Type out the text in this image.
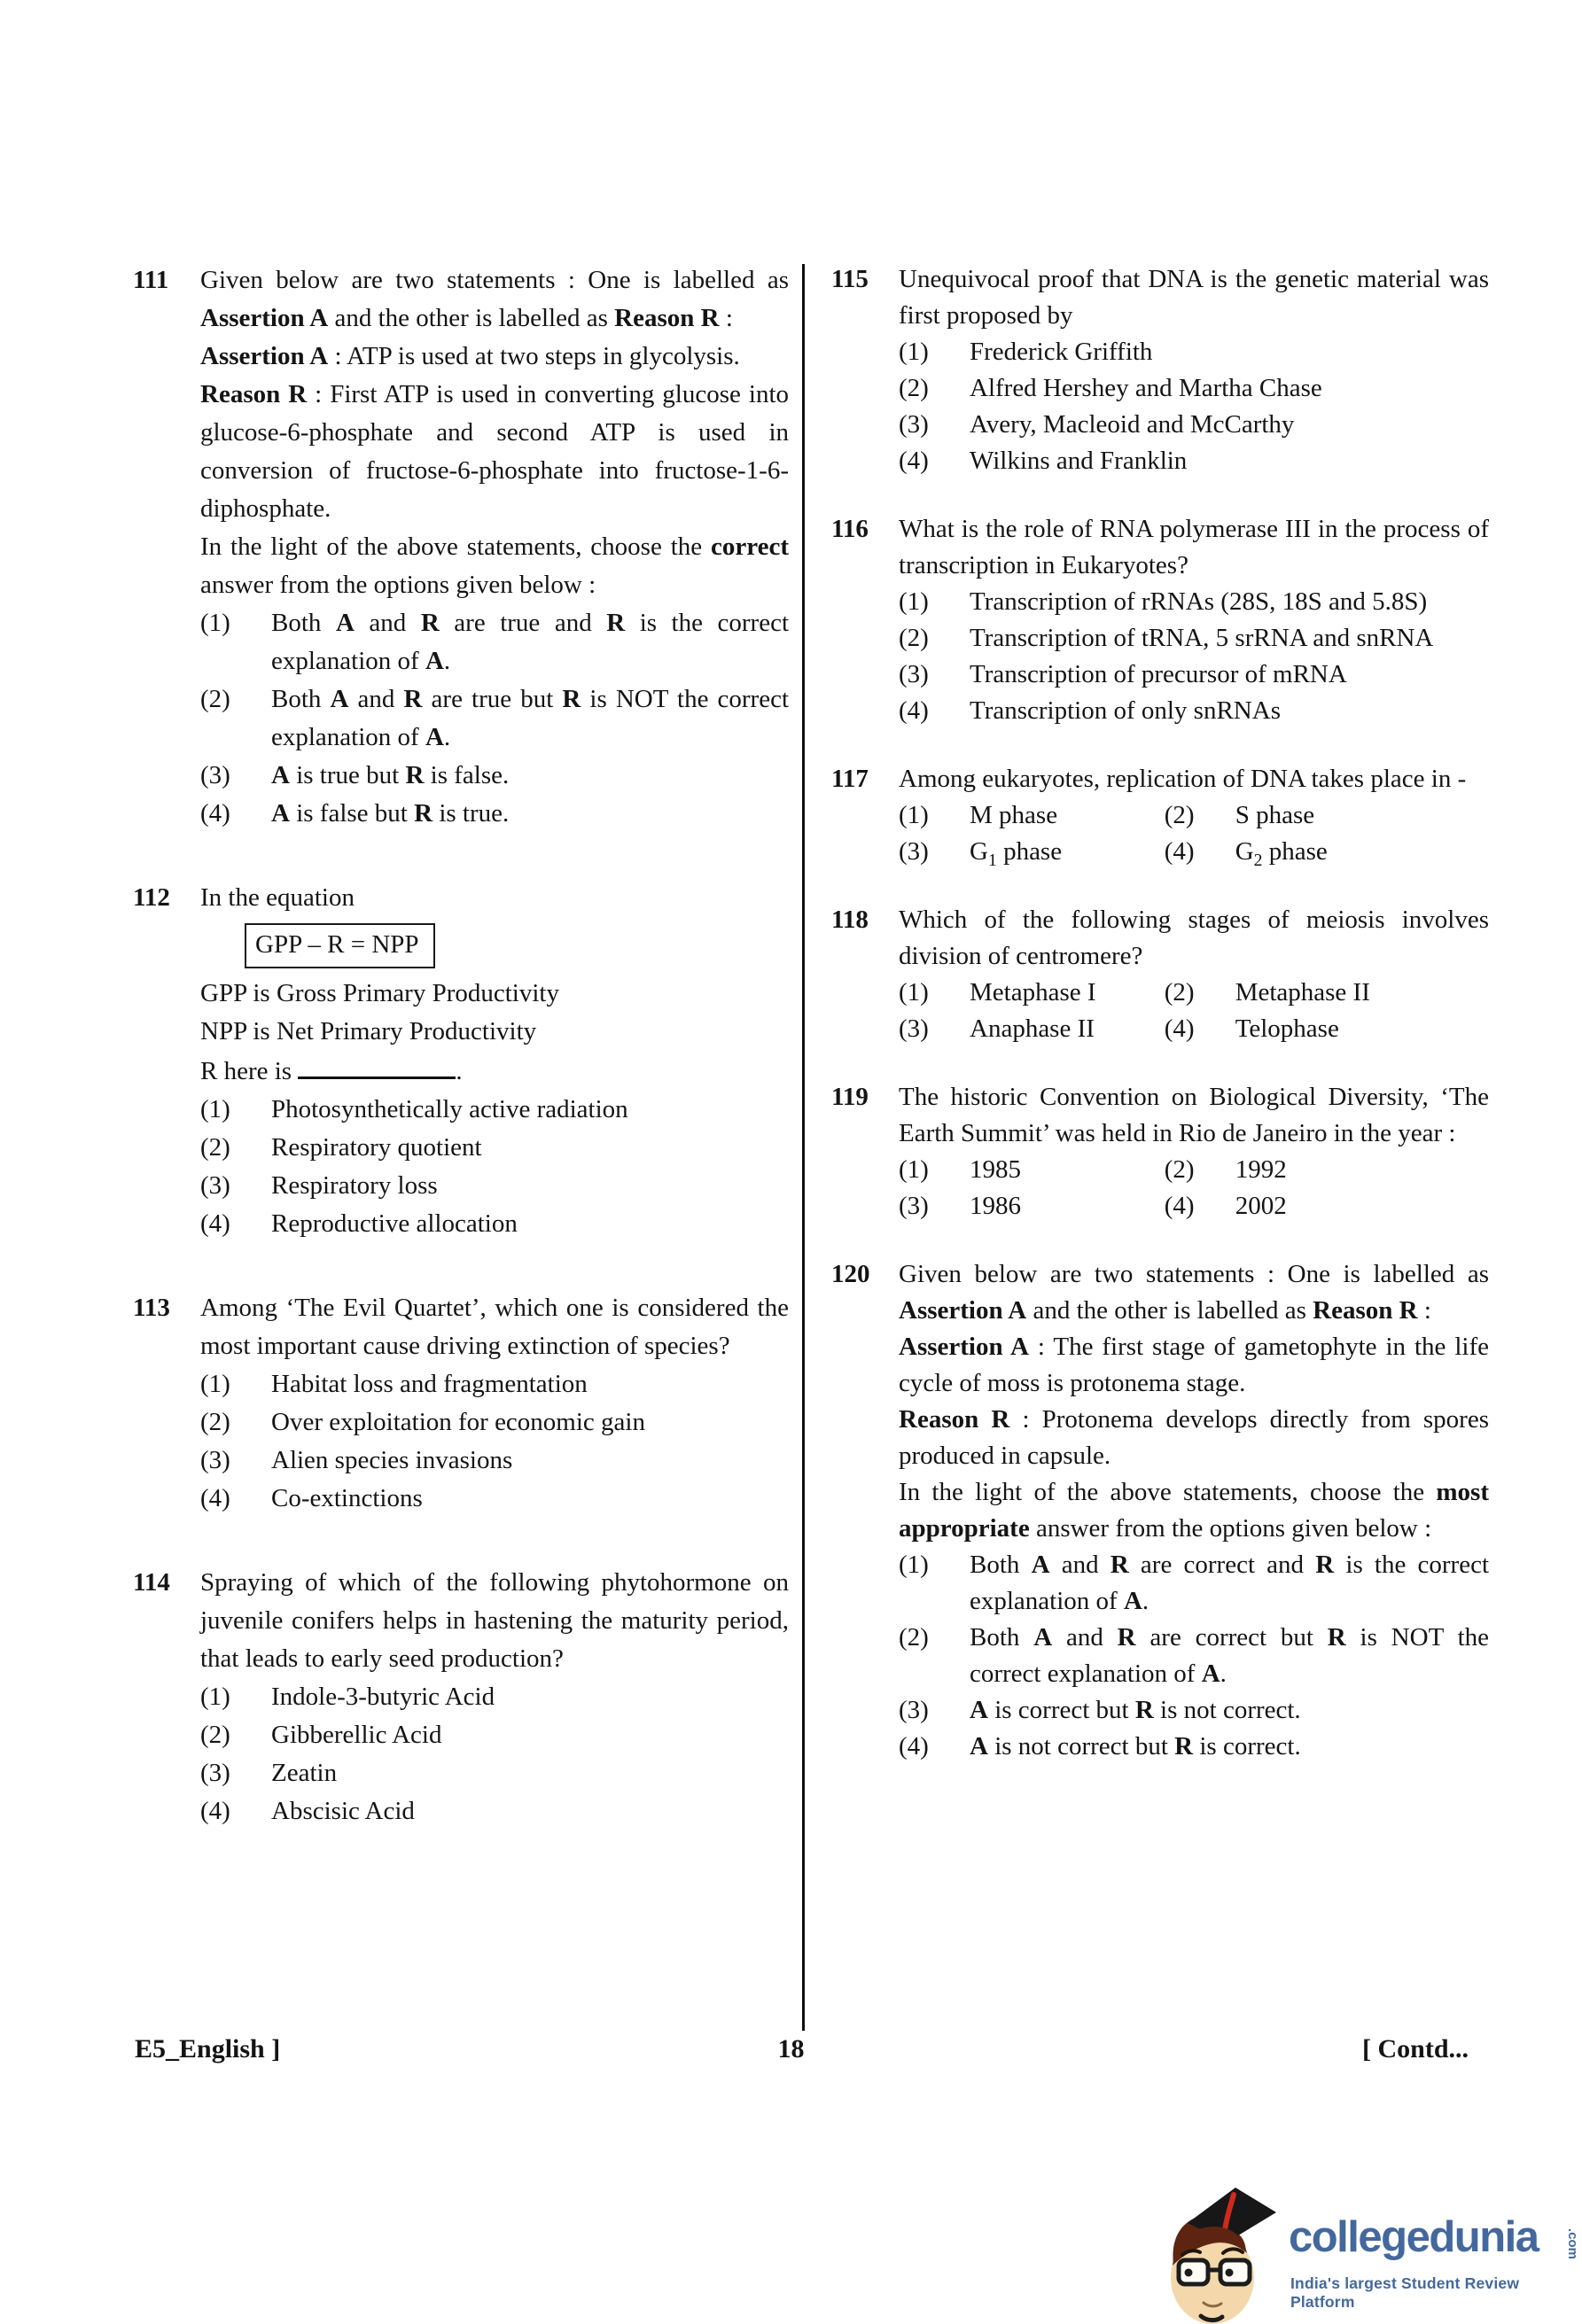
111	Given below are two statements : One is labelled as Assertion A and the other is labelled as Reason R :

Assertion A : ATP is used at two steps in glycolysis.

Reason R : First ATP is used in converting glucose into glucose-6-phosphate and second ATP is used in conversion of fructose-6-phosphate into fructose-1-6-diphosphate.

In the light of the above statements, choose the correct answer from the options given below :

(1)	Both A and R are true and R is the correct explanation of A.
(2)	Both A and R are true but R is NOT the correct explanation of A.
(3)	A is true but R is false.
(4)	A is false but R is true.
112	In the equation

GPP – R = NPP

GPP is Gross Primary Productivity

NPP is Net Primary Productivity

R here is	.

(1)	Photosynthetically active radiation
(2)	Respiratory quotient
(3)	Respiratory loss
(4)	Reproductive allocation
113	Among ‘The Evil Quartet’, which one is considered the most important cause driving extinction of species?

(1)	Habitat loss and fragmentation
(2)	Over exploitation for economic gain
(3)	Alien species invasions
(4)	Co-extinctions
114	Spraying of which of the following phytohormone on juvenile conifers helps in hastening the maturity period, that leads to early seed production?

(1)	Indole-3-butyric Acid
(2)	Gibberellic Acid
(3)	Zeatin
(4)	Abscisic Acid
115	Unequivocal proof that DNA is the genetic material was first proposed by

(1)	Frederick Griffith
(2)	Alfred Hershey and Martha Chase
(3)	Avery, Macleoid and McCarthy
(4)	Wilkins and Franklin
116	What is the role of RNA polymerase III in the process of transcription in Eukaryotes?

(1)	Transcription of rRNAs (28S, 18S and 5.8S)
(2)	Transcription of tRNA, 5 srRNA and snRNA
(3)	Transcription of precursor of mRNA
(4)	Transcription of only snRNAs
117	Among eukaryotes, replication of DNA takes place in -

(1)	M phase	(2)	S phase
(3)	$G_1$ phase	(4)	$G_2$ phase
118	Which of the following stages of meiosis involves division of centromere?

(1)	Metaphase I	(2)	Metaphase II
(3)	Anaphase II	(4)	Telophase
119	The historic Convention on Biological Diversity, ‘The Earth Summit’ was held in Rio de Janeiro in the year :

(1)	1985	(2)	1992
(3)	1986	(4)	2002
120	Given below are two statements : One is labelled as Assertion A and the other is labelled as Reason R :

Assertion A : The first stage of gametophyte in the life cycle of moss is protonema stage.

Reason R : Protonema develops directly from spores produced in capsule.

In the light of the above statements, choose the most appropriate answer from the options given below :

(1)	Both A and R are correct and R is the correct explanation of A.
(2)	Both A and R are correct but R is NOT the correct explanation of A.
(3)	A is correct but R is not correct.
(4)	A is not correct but R is correct.
E5_English ]	18	[ Contd...
collegedunia .com
India's largest Student Review Platform
